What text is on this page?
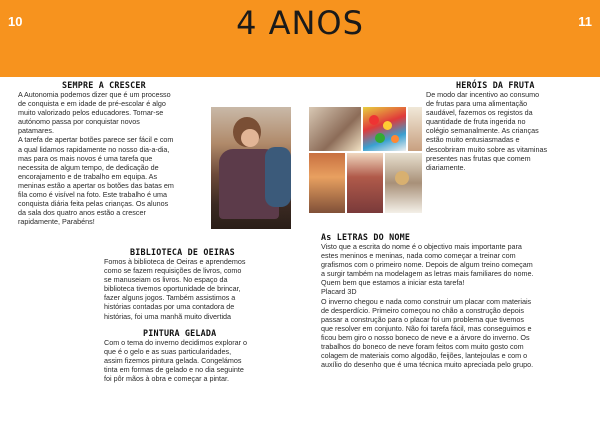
10	4 ANOS	11
SEMPRE A CRESCER

A Autonomia podemos dizer que é um processo

de conquista e em idade de pré-escolar é algo

muito valorizado pelos educadores. Tornar-se

autónomo passa por conquistar novos

patamares.

A tarefa de apertar botões parece ser fácil e com

a qual lidamos rapidamente no nosso dia-a-dia,

mas para os mais novos é uma tarefa que

necessita de algum tempo, de dedicação de

encorajamento e de trabalho em equipa. As

meninas estão a apertar os botões das batas em

fila como é visível na foto. Este trabalho é uma

conquista diária feita pelas crianças. Os alunos

da sala dos quatro anos estão a crescer

rapidamente, Parabéns!

BIBLIOTECA DE OEIRAS

Fomos à biblioteca de Oeiras e aprendemos

como se fazem requisições de livros, como

se manuseiam os livros. No espaço da

biblioteca tivemos oportunidade de brincar,

fazer alguns jogos. Também assistimos a

histórias contadas por uma contadora de

histórias, foi uma manhã muito divertida

PINTURA GELADA

Com o tema do inverno decidimos explorar o

que é o gelo e as suas particularidades,

assim fizemos pintura gelada. Congelámos

tinta em formas de gelado e no dia seguinte

foi pôr mãos à obra e começar a pintar.

HERÓIS DA FRUTA

De modo dar incentivo ao consumo

de frutas para uma alimentação

saudável, fazemos os registos da

quantidade de fruta ingerida no

colégio semanalmente. As crianças

estão muito entusiasmadas e

descobriram muito sobre as vitaminas

presentes nas frutas que comem

diariamente.

As LETRAS DO NOME

Visto que a escrita do nome é o objectivo mais importante para

estes meninos e meninas, nada como começar a treinar com

grafismos com o primeiro nome. Depois de algum treino começam

a surgir também na modelagem as letras mais familiares do nome.

Quem bem que estamos a iniciar esta tarefa!

Placard 3D

O inverno chegou e nada como construir um placar com materiais

de desperdício. Primeiro começou no chão a construção depois

passar a construção para o placar foi um problema que tivemos

que resolver em conjunto. Não foi tarefa fácil, mas conseguimos e

ficou bem giro o nosso boneco de neve e a árvore do inverno. Os

trabalhos do boneco de neve foram feitos com muito gosto com

colagem de materiais como algodão, feijões, lantejoulas e com o

auxílio do desenho que é uma técnica muito apreciada pelo grupo.
